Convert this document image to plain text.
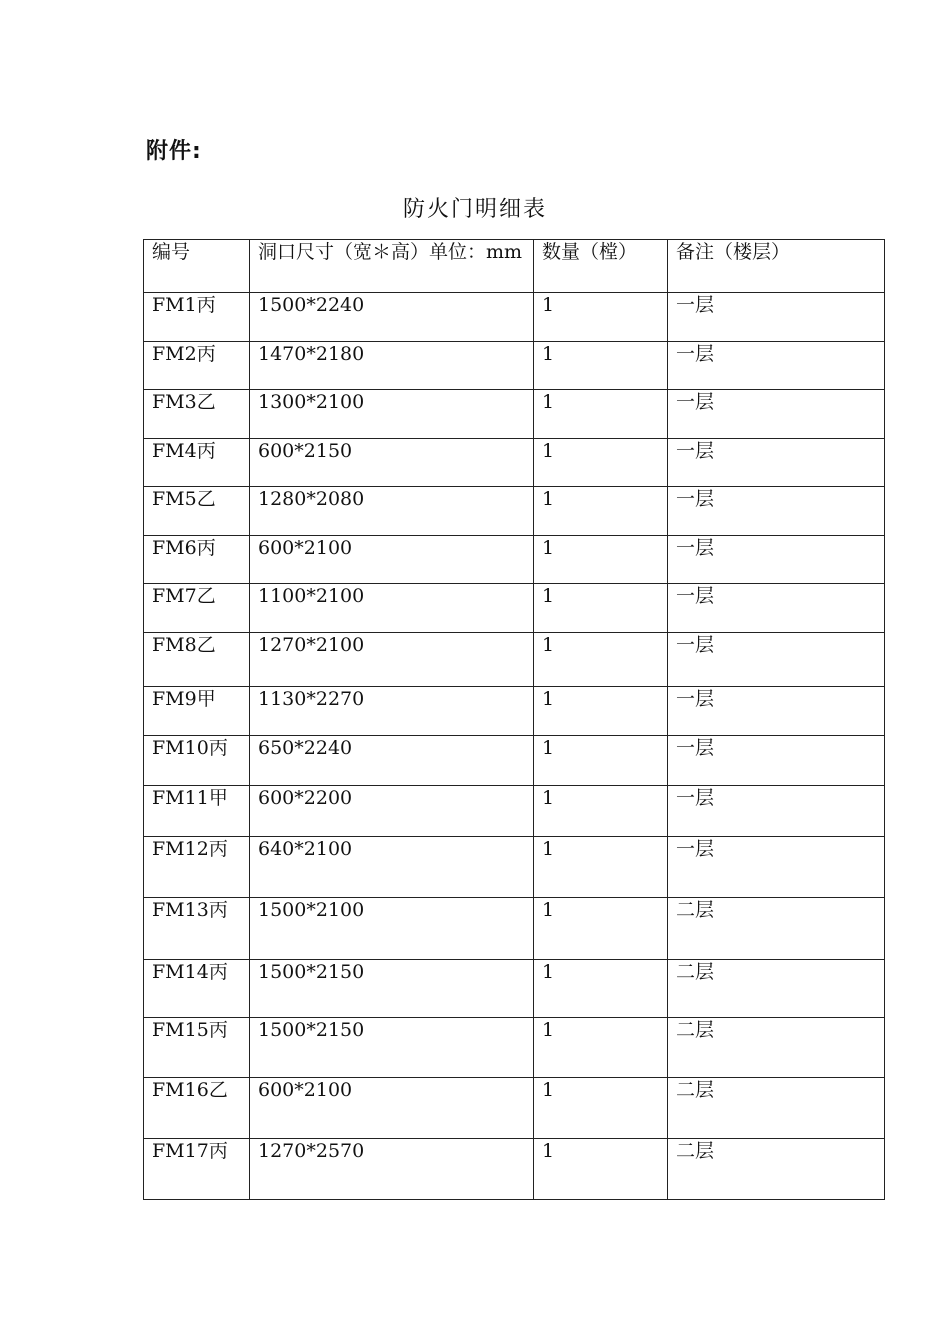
附件:
防火门明细表
编号	洞口尺寸（宽＊高）单位：mm	数量（樘）	备注（楼层）
FM1丙	1500*2240	1	一层
FM2丙	1470*2180	1	一层
FM3乙	1300*2100	1	一层
FM4丙	600*2150	1	一层
FM5乙	1280*2080	1	一层
FM6丙	600*2100	1	一层
FM7乙	1100*2100	1	一层
FM8乙	1270*2100	1	一层
FM9甲	1130*2270	1	一层
FM10丙	650*2240	1	一层
FM11甲	600*2200	1	一层
FM12丙	640*2100	1	一层
FM13丙	1500*2100	1	二层
FM14丙	1500*2150	1	二层
FM15丙	1500*2150	1	二层
FM16乙	600*2100	1	二层
FM17丙	1270*2570	1	二层
